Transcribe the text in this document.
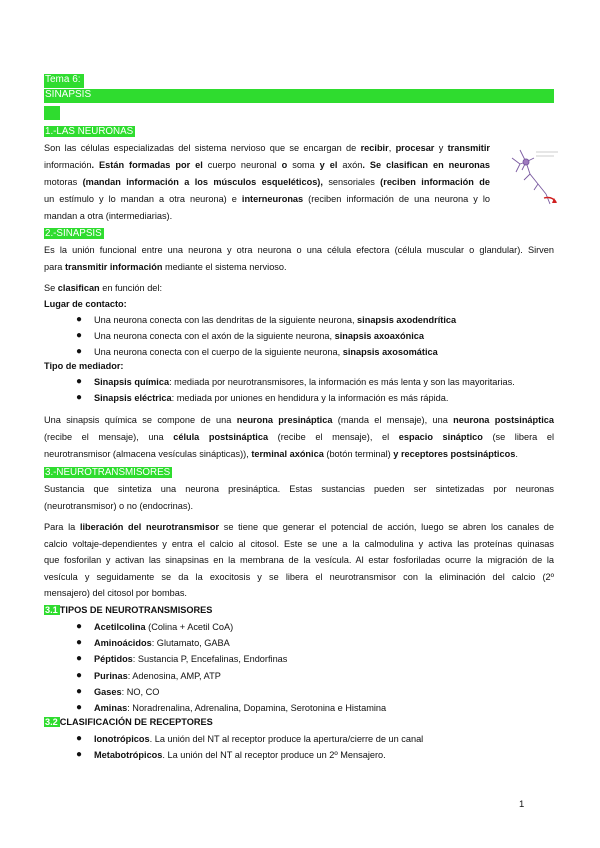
Tema 6:
SINAPSIS
1.-LAS NEURONAS
Son las células especializadas del sistema nervioso que se encargan de recibir, procesar y transmitir
información. Están formadas por el cuerpo neuronal o soma y el axón. Se clasifican en neuronas
motoras (mandan información a los músculos esqueléticos), sensoriales (reciben información de
un estímulo y lo mandan a otra neurona) e interneuronas (reciben información de una neurona y lo
mandan a otra (intermediarias).
2.-SINAPSIS
Es la unión funcional entre una neurona y otra neurona o una célula efectora (célula muscular o glandular). Sirven
para transmitir información mediante el sistema nervioso.
Se clasifican en función del:
Lugar de contacto:
● Una neurona conecta con las dendritas de la siguiente neurona, sinapsis axodendrítica
● Una neurona conecta con el axón de la siguiente neurona, sinapsis axoaxónica
● Una neurona conecta con el cuerpo de la siguiente neurona, sinapsis axosomática
Tipo de mediador:
● Sinapsis química: mediada por neurotransmisores, la información es más lenta y son las mayoritarias.
● Sinapsis eléctrica: mediada por uniones en hendidura y la información es más rápida.
Una sinapsis química se compone de una neurona presináptica (manda el mensaje), una neurona postsináptica
(recibe el mensaje), una célula postsináptica (recibe el mensaje), el espacio sináptico (se libera el
neurotransmisor (almacena vesículas sinápticas)), terminal axónica (botón terminal) y receptores postsinápticos.
3.-NEUROTRANSMISORES
Sustancia que sintetiza una neurona presináptica. Estas sustancias pueden ser sintetizadas por neuronas
(neurotransmisor) o no (endocrinas).
Para la liberación del neurotransmisor se tiene que generar el potencial de acción, luego se abren los canales de
calcio voltaje-dependientes y entra el calcio al citosol. Este se une a la calmodulina y activa las proteínas quinasas
que fosforilan y activan las sinapsinas en la membrana de la vesícula. Al estar fosforiladas ocurre la migración de la
vesícula y seguidamente se da la exocitosis y se libera el neurotransmisor con la eliminación del calcio (2º
mensajero) del citosol por bombas.
3.1 TIPOS DE NEUROTRANSMISORES
● Acetilcolina (Colina + Acetil CoA)
● Aminoácidos: Glutamato, GABA
● Péptidos: Sustancia P, Encefalinas, Endorfinas
● Purinas: Adenosina, AMP, ATP
● Gases: NO, CO
● Aminas: Noradrenalina, Adrenalina, Dopamina, Serotonina e Histamina
3.2 CLASIFICACIÓN DE RECEPTORES
● Ionotrópicos. La unión del NT al receptor produce la apertura/cierre de un canal
● Metabotrópicos. La unión del NT al receptor produce un 2º Mensajero.
1
